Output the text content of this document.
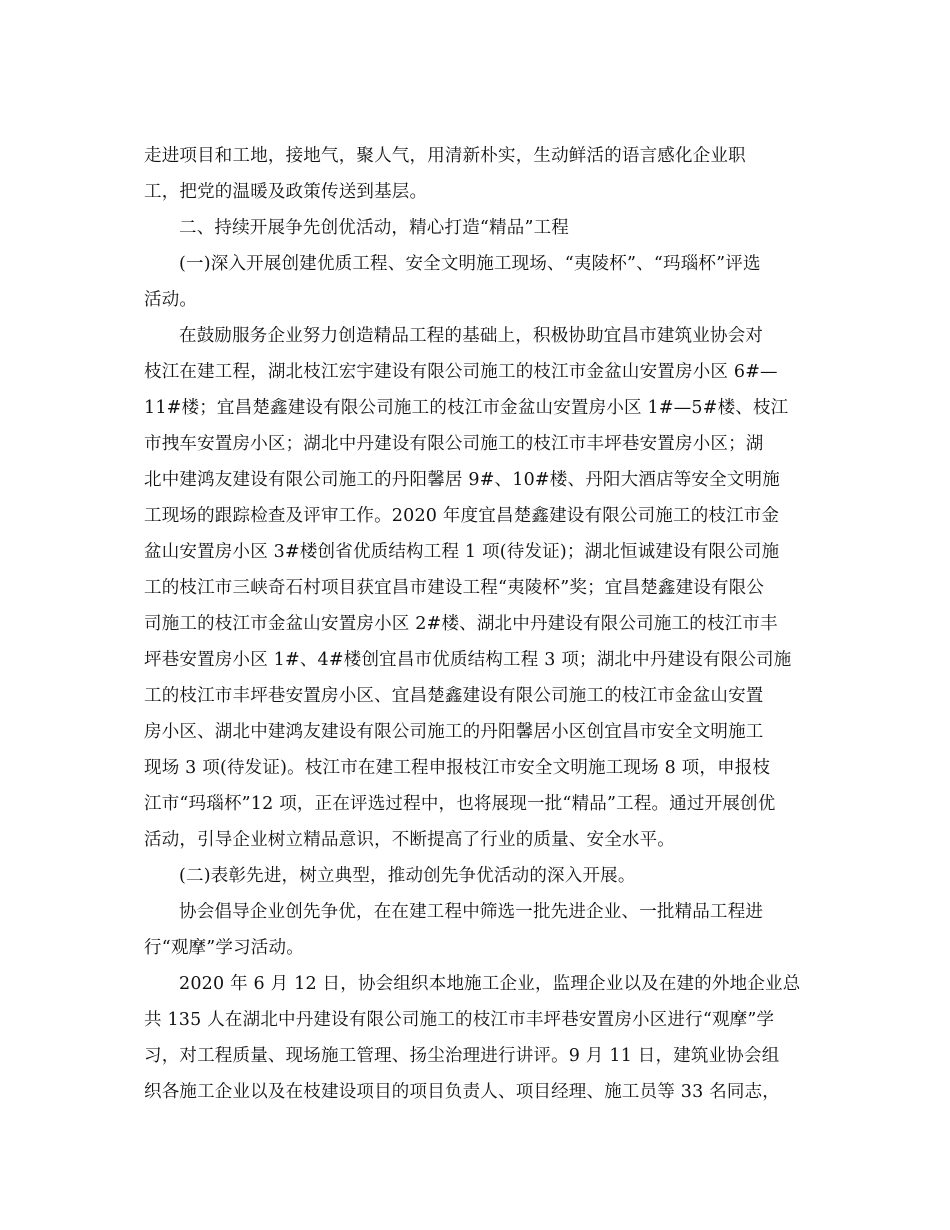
走进项目和工地，接地气，聚人气，用清新朴实，生动鲜活的语言感化企业职
工，把党的温暖及政策传送到基层。
二、持续开展争先创优活动，精心打造“精品”工程
(一)深入开展创建优质工程、安全文明施工现场、“夷陵杯”、“玛瑙杯”评选
活动。
在鼓励服务企业努力创造精品工程的基础上，积极协助宜昌市建筑业协会对
枝江在建工程，湖北枝江宏宇建设有限公司施工的枝江市金盆山安置房小区 6#—
11#楼；宜昌楚鑫建设有限公司施工的枝江市金盆山安置房小区 1#—5#楼、枝江
市拽车安置房小区；湖北中丹建设有限公司施工的枝江市丰坪巷安置房小区；湖
北中建鸿友建设有限公司施工的丹阳馨居 9#、10#楼、丹阳大酒店等安全文明施
工现场的跟踪检查及评审工作。2020 年度宜昌楚鑫建设有限公司施工的枝江市金
盆山安置房小区 3#楼创省优质结构工程 1 项(待发证)；湖北恒诚建设有限公司施
工的枝江市三峡奇石村项目获宜昌市建设工程“夷陵杯”奖；宜昌楚鑫建设有限公
司施工的枝江市金盆山安置房小区 2#楼、湖北中丹建设有限公司施工的枝江市丰
坪巷安置房小区 1#、4#楼创宜昌市优质结构工程 3 项；湖北中丹建设有限公司施
工的枝江市丰坪巷安置房小区、宜昌楚鑫建设有限公司施工的枝江市金盆山安置
房小区、湖北中建鸿友建设有限公司施工的丹阳馨居小区创宜昌市安全文明施工
现场 3 项(待发证)。枝江市在建工程申报枝江市安全文明施工现场 8 项，申报枝
江市“玛瑙杯”12 项，正在评选过程中，也将展现一批“精品”工程。通过开展创优
活动，引导企业树立精品意识，不断提高了行业的质量、安全水平。
(二)表彰先进，树立典型，推动创先争优活动的深入开展。
协会倡导企业创先争优，在在建工程中筛选一批先进企业、一批精品工程进
行“观摩”学习活动。
2020 年 6 月 12 日，协会组织本地施工企业，监理企业以及在建的外地企业总
共 135 人在湖北中丹建设有限公司施工的枝江市丰坪巷安置房小区进行“观摩”学
习，对工程质量、现场施工管理、扬尘治理进行讲评。9 月 11 日，建筑业协会组
织各施工企业以及在枝建设项目的项目负责人、项目经理、施工员等 33 名同志，
